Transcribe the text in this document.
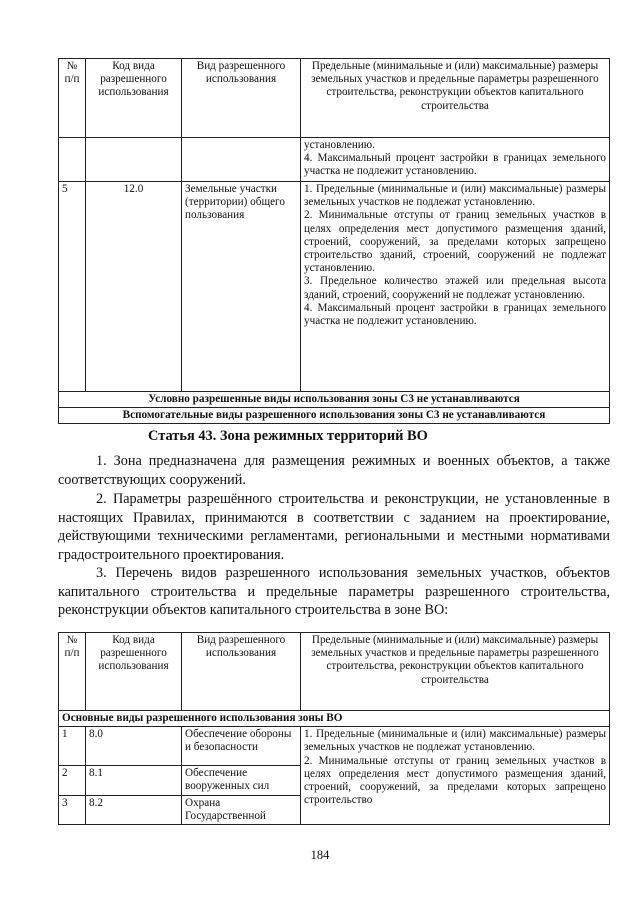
№ п/п	Код вида разрешенного использования	Вид разрешенного использования	Предельные (минимальные и (или) максимальные) размеры земельных участков и предельные параметры разрешенного строительства, реконструкции объектов капитального строительства

			установлению.
4. Максимальный процент застройки в границах земельного участка не подлежит установлению.

5	12.0	Земельные участки (территории) общего пользования	1. Предельные (минимальные и (или) максимальные) размеры земельных участков не подлежат установлению.
2. Минимальные отступы от границ земельных участков в целях определения мест допустимого размещения зданий, строений, сооружений, за пределами которых запрещено строительство зданий, строений, сооружений не подлежат установлению.
3. Предельное количество этажей или предельная высота зданий, строений, сооружений не подлежат установлению.
4. Максимальный процент застройки в границах земельного участка не подлежит установлению.

Условно разрешенные виды использования зоны С3 не устанавливаются			
Вспомогательные виды разрешенного использования зоны С3 не устанавливаются			

Статья 43. Зона режимных территорий ВО

1. Зона предназначена для размещения режимных и военных объектов, а также соответствующих сооружений.

2. Параметры разрешённого строительства и реконструкции, не установленные в настоящих Правилах, принимаются в соответствии с заданием на проектирование, действующими техническими регламентами, региональными и местными нормативами градостроительного проектирования.

3. Перечень видов разрешенного использования земельных участков, объектов капитального строительства и предельные параметры разрешенного строительства, реконструкции объектов капитального строительства в зоне ВО:

№ п/п	Код вида разрешенного использования	Вид разрешенного использования	Предельные (минимальные и (или) максимальные) размеры земельных участков и предельные параметры разрешенного строительства, реконструкции объектов капитального строительства
Основные виды разрешенного использования зоны ВО			
1	8.0	Обеспечение обороны и безопасности	1. Предельные (минимальные и (или) максимальные) размеры земельных участков не подлежат установлению.
2. Минимальные отступы от границ земельных участков в целях определения мест допустимого размещения зданий, строений, сооружений, за пределами которых запрещено строительство

2	8.1	Обеспечение вооруженных сил	
3	8.2	Охрана Государственной	
184
